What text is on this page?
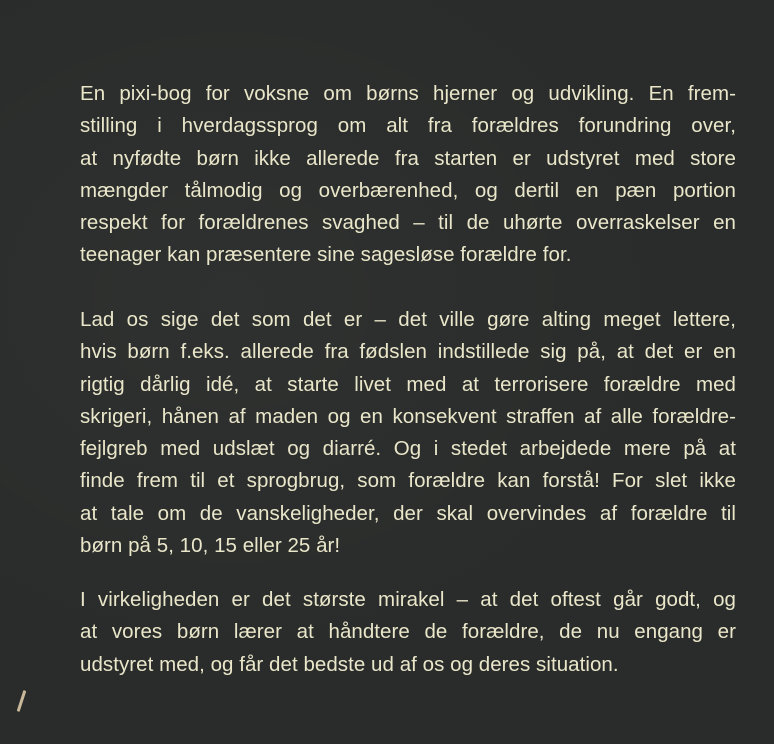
En pixi-bog for voksne om børns hjerner og udvikling. En frem-
stilling i hverdagssprog om alt fra forældres forundring over,
at nyfødte børn ikke allerede fra starten er udstyret med store
mængder tålmodig og overbærenhed, og dertil en pæn portion
respekt for forældrenes svaghed – til de uhørte overraskelser en
teenager kan præsentere sine sagesløse forældre for.
Lad os sige det som det er – det ville gøre alting meget lettere,
hvis børn f.eks. allerede fra fødslen indstillede sig på, at det er en
rigtig dårlig idé, at starte livet med at terrorisere forældre med
skrigeri, hånen af maden og en konsekvent straffen af alle forældre-
fejlgreb med udslæt og diarré. Og i stedet arbejdede mere på at
finde frem til et sprogbrug, som forældre kan forstå! For slet ikke
at tale om de vanskeligheder, der skal overvindes af forældre til
børn på 5, 10, 15 eller 25 år!
I virkeligheden er det største mirakel – at det oftest går godt, og
at vores børn lærer at håndtere de forældre, de nu engang er
udstyret med, og får det bedste ud af os og deres situation.
